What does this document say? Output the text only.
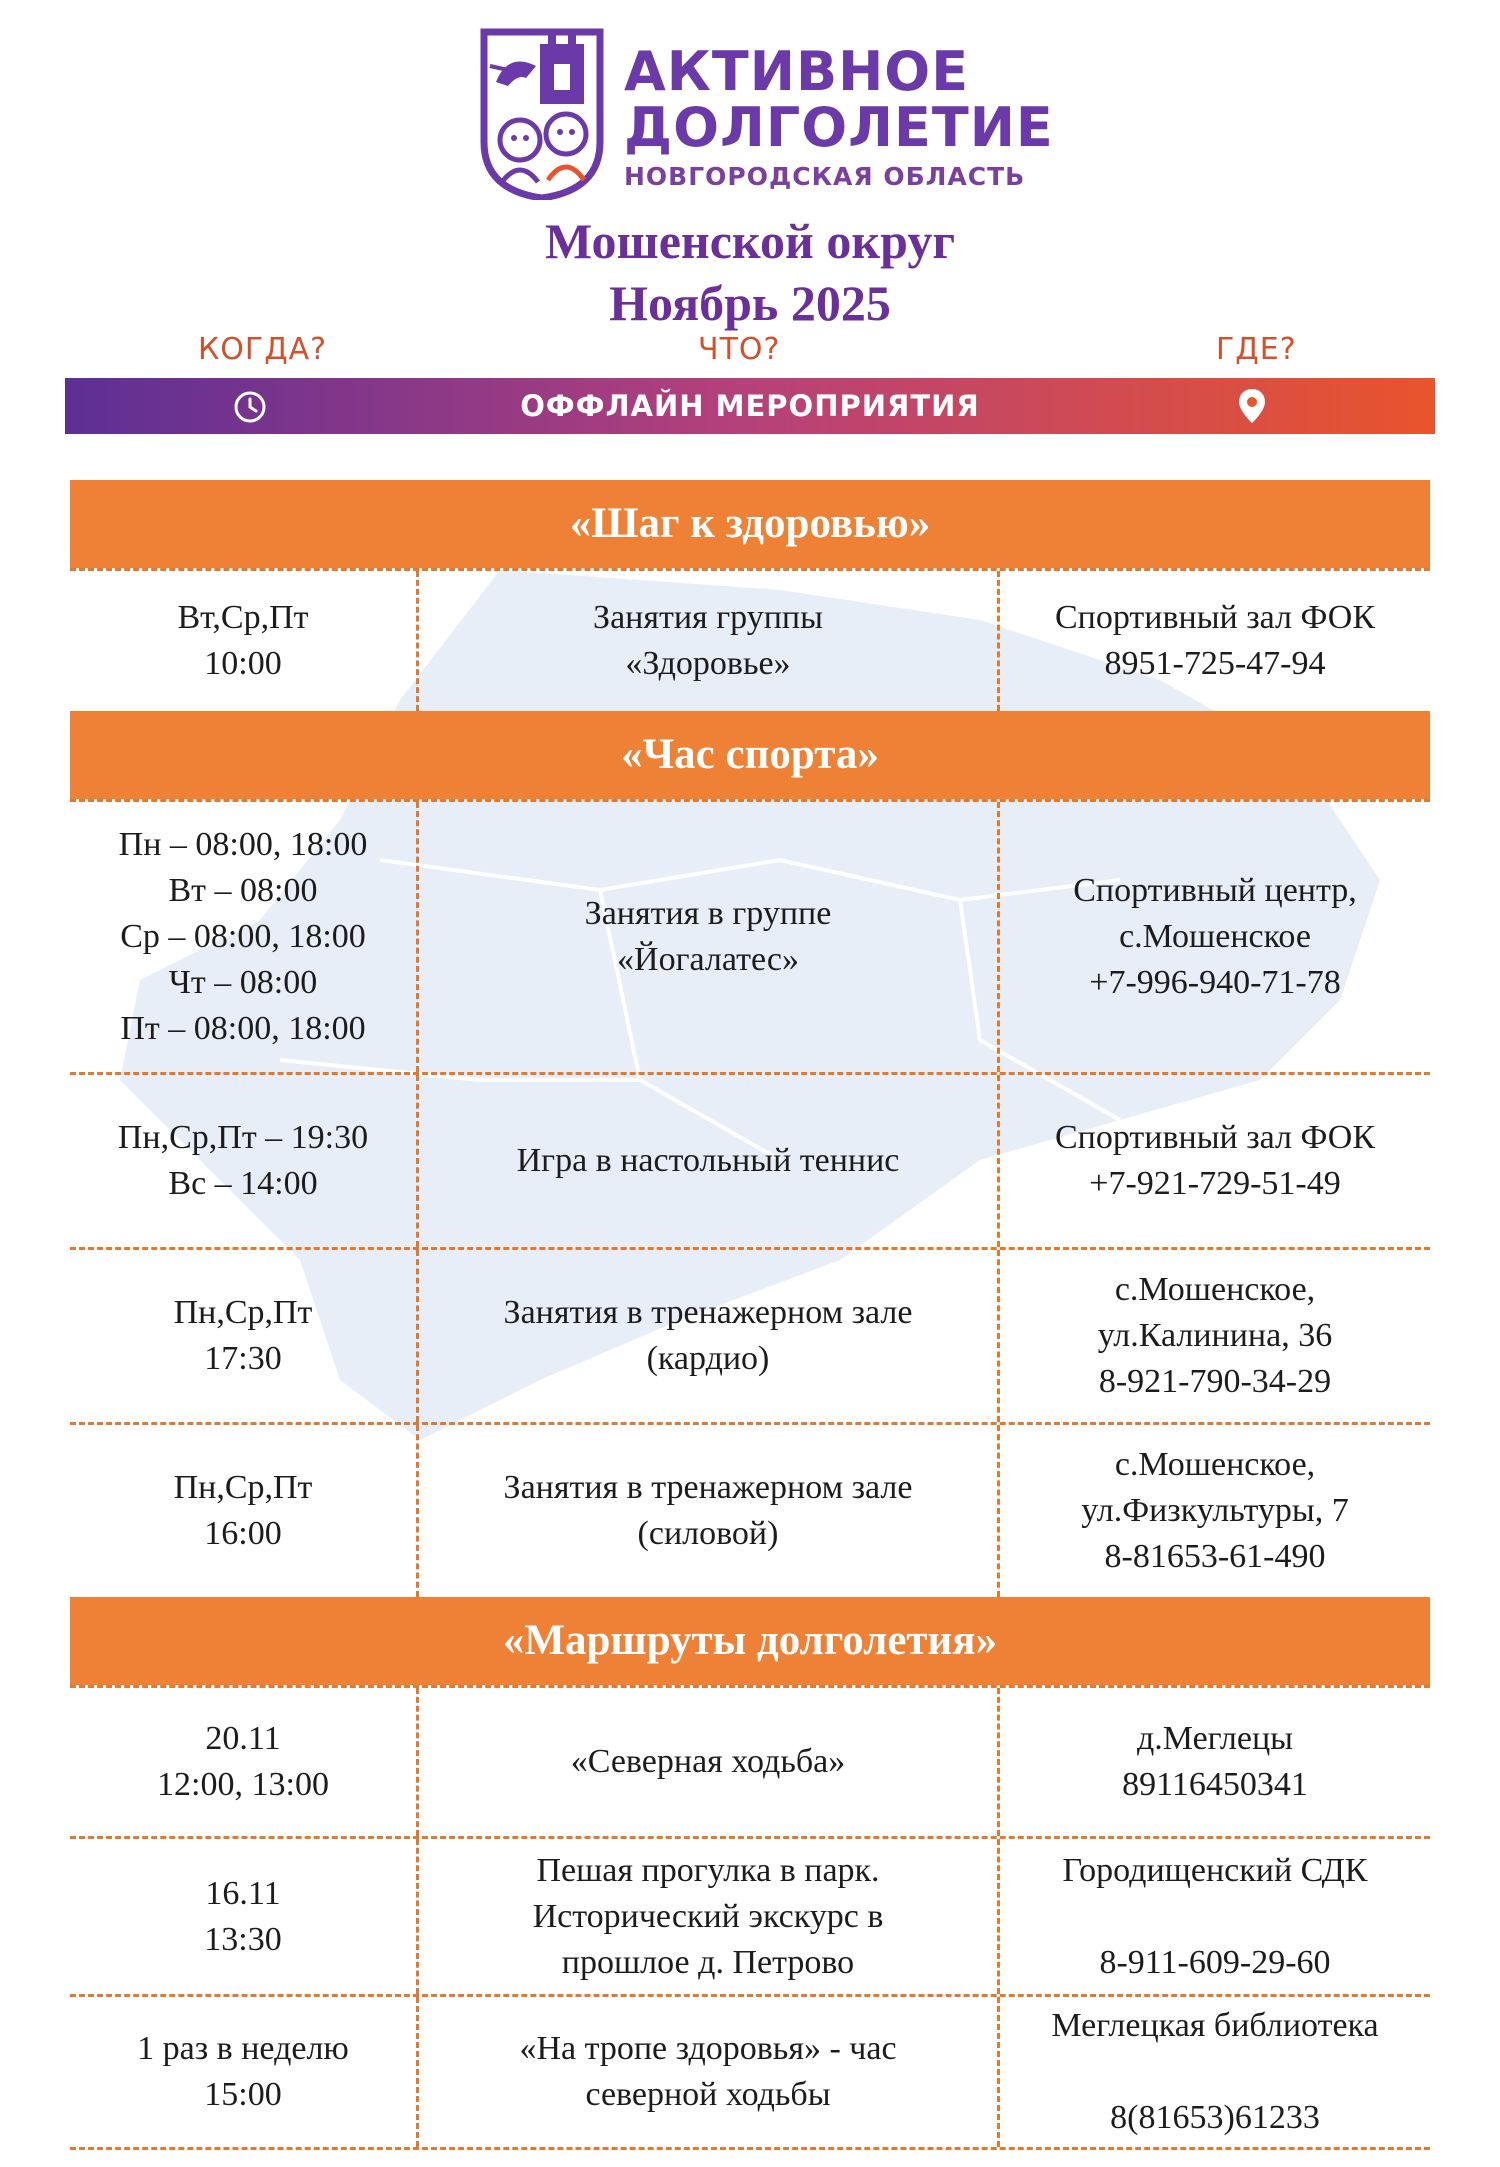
АКТИВНОЕ
ДОЛГОЛЕТИЕ
НОВГОРОДСКАЯ ОБЛАСТЬ
Мошенской округ
Ноябрь 2025
КОГДА?	ЧТО?	ГДЕ?
ОФФЛАЙН МЕРОПРИЯТИЯ
«Шаг к здоровью»
Вт,Ср,Пт
10:00
Занятия группы
«Здоровье»
Спортивный зал ФОК
8951-725-47-94
«Час спорта»
Пн – 08:00, 18:00
Вт – 08:00
Ср – 08:00, 18:00
Чт – 08:00
Пт – 08:00, 18:00
Занятия в группе
«Йогалатес»
Спортивный центр,
с.Мошенское
+7-996-940-71-78
Пн,Ср,Пт – 19:30
Вс – 14:00
Игра в настольный теннис
Спортивный зал ФОК
+7-921-729-51-49
Пн,Ср,Пт
17:30
Занятия в тренажерном зале
(кардио)
с.Мошенское,
ул.Калинина, 36
8-921-790-34-29
Пн,Ср,Пт
16:00
Занятия в тренажерном зале
(силовой)
с.Мошенское,
ул.Физкультуры, 7
8-81653-61-490
«Маршруты долголетия»
20.11
12:00, 13:00
«Северная ходьба»
д.Меглецы
89116450341
16.11
13:30
Пешая прогулка в парк.
Исторический экскурс в
прошлое д. Петрово
Городищенский СДК

8-911-609-29-60
1 раз в неделю
15:00
«На тропе здоровья» - час
северной ходьбы
Меглецкая библиотека

8(81653)61233
